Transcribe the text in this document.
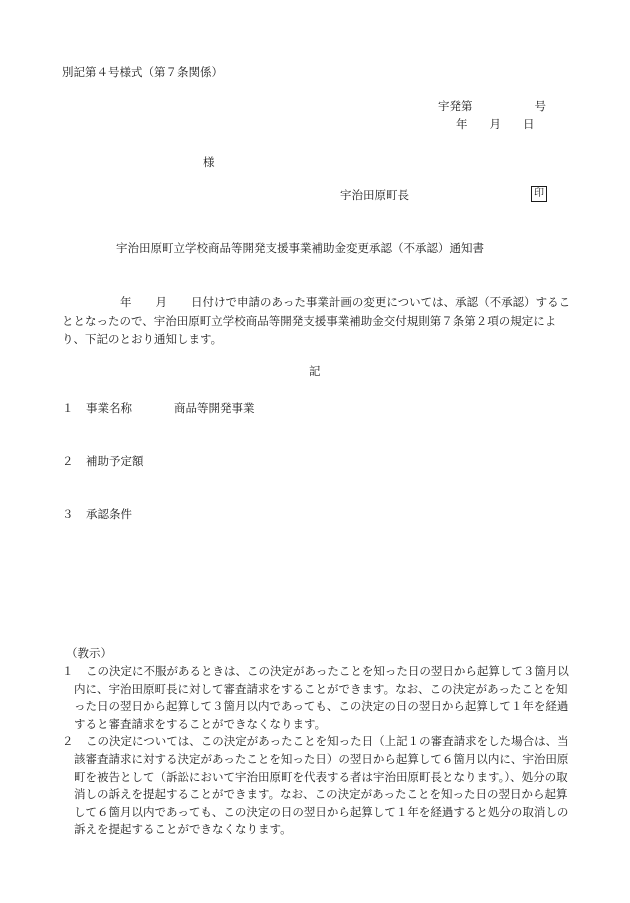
別記第４号様式（第７条関係）
宇発第	号
年 月 日
様
宇治田原町長	印
宇治田原町立学校商品等開発支援事業補助金変更承認（不承認）通知書
年 月 日付けで申請のあった事業計画の変更については、承認（不承認）することとなったので、宇治田原町立学校商品等開発支援事業補助金交付規則第７条第２項の規定により、下記のとおり通知します。
記
１ 事業名称	商品等開発事業
２ 補助予定額
３ 承認条件
（教示）
１	この決定に不服があるときは、この決定があったことを知った日の翌日から起算して３箇月以内に、宇治田原町長に対して審査請求をすることができます。なお、この決定があったことを知った日の翌日から起算して３箇月以内であっても、この決定の日の翌日から起算して１年を経過すると審査請求をすることができなくなります。
２	この決定については、この決定があったことを知った日（上記１の審査請求をした場合は、当該審査請求に対する決定があったことを知った日）の翌日から起算して６箇月以内に、宇治田原町を被告として（訴訟において宇治田原町を代表する者は宇治田原町長となります。）、処分の取消しの訴えを提起することができます。なお、この決定があったことを知った日の翌日から起算して６箇月以内であっても、この決定の日の翌日から起算して１年を経過すると処分の取消しの訴えを提起することができなくなります。
